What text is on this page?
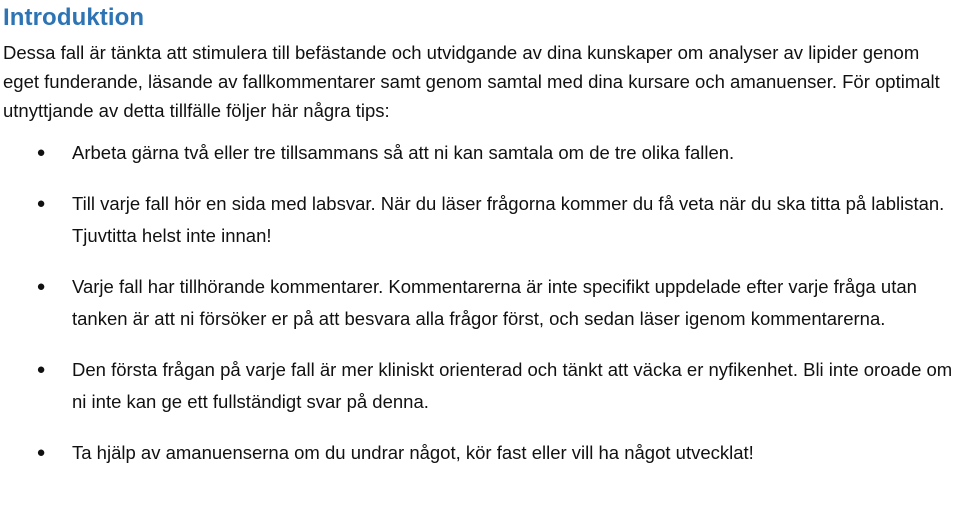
Introduktion

Dessa fall är tänkta att stimulera till befästande och utvidgande av dina kunskaper om analyser av lipider genom eget funderande, läsande av fallkommentarer samt genom samtal med dina kursare och amanuenser. För optimalt utnyttjande av detta tillfälle följer här några tips:

● Arbeta gärna två eller tre tillsammans så att ni kan samtala om de tre olika fallen.
● Till varje fall hör en sida med labsvar. När du läser frågorna kommer du få veta när du ska titta på lablistan. Tjuvtitta helst inte innan!
● Varje fall har tillhörande kommentarer. Kommentarerna är inte specifikt uppdelade efter varje fråga utan tanken är att ni försöker er på att besvara alla frågor först, och sedan läser igenom kommentarerna.
● Den första frågan på varje fall är mer kliniskt orienterad och tänkt att väcka er nyfikenhet. Bli inte oroade om ni inte kan ge ett fullständigt svar på denna.
● Ta hjälp av amanuenserna om du undrar något, kör fast eller vill ha något utvecklat!
